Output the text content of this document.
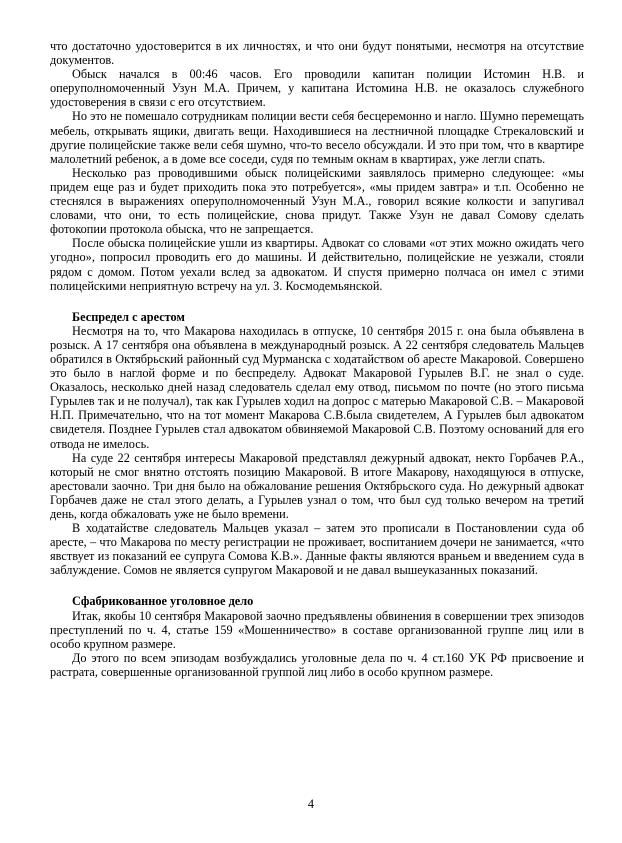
что достаточно удостоверится в их личностях, и что они будут понятыми, несмотря на отсутствие документов.

Обыск начался в 00:46 часов. Его проводили капитан полиции Истомин Н.В. и оперуполномоченный Узун М.А. Причем, у капитана Истомина Н.В. не оказалось служебного удостоверения в связи с его отсутствием.

Но это не помешало сотрудникам полиции вести себя бесцеремонно и нагло. Шумно перемещать мебель, открывать ящики, двигать вещи. Находившиеся на лестничной площадке Стрекаловский и другие полицейские также вели себя шумно, что-то весело обсуждали. И это при том, что в квартире малолетний ребенок, а в доме все соседи, судя по темным окнам в квартирах, уже легли спать.

Несколько раз проводившими обыск полицейскими заявлялось примерно следующее: «мы придем еще раз и будет приходить пока это потребуется», «мы придем завтра» и т.п. Особенно не стеснялся в выражениях оперуполномоченный Узун М.А., говорил всякие колкости и запугивал словами, что они, то есть полицейские, снова придут. Также Узун не давал Сомову сделать фотокопии протокола обыска, что не запрещается.

После обыска полицейские ушли из квартиры. Адвокат со словами «от этих можно ожидать чего угодно», попросил проводить его до машины. И действительно, полицейские не уезжали, стояли рядом с домом. Потом уехали вслед за адвокатом. И спустя примерно полчаса он имел с этими полицейскими неприятную встречу на ул. З. Космодемьянской.

Беспредел с арестом

Несмотря на то, что Макарова находилась в отпуске, 10 сентября 2015 г. она была объявлена в розыск. А 17 сентября она объявлена в международный розыск. А 22 сентября следователь Мальцев обратился в Октябрьский районный суд Мурманска с ходатайством об аресте Макаровой. Совершено это было в наглой форме и по беспределу. Адвокат Макаровой Гурылев В.Г. не знал о суде. Оказалось, несколько дней назад следователь сделал ему отвод, письмом по почте (но этого письма Гурылев так и не получал), так как Гурылев ходил на допрос с матерью Макаровой С.В. – Макаровой Н.П. Примечательно, что на тот момент Макарова С.В.была свидетелем, А Гурылев был адвокатом свидетеля. Позднее Гурылев стал адвокатом обвиняемой Макаровой С.В. Поэтому оснований для его отвода не имелось.

На суде 22 сентября интересы Макаровой представлял дежурный адвокат, некто Горбачев Р.А., который не смог внятно отстоять позицию Макаровой. В итоге Макарову, находящуюся в отпуске, арестовали заочно. Три дня было на обжалование решения Октябрьского суда. Но дежурный адвокат Горбачев даже не стал этого делать, а Гурылев узнал о том, что был суд только вечером на третий день, когда обжаловать уже не было времени.

В ходатайстве следователь Мальцев указал – затем это прописали в Постановлении суда об аресте, – что Макарова по месту регистрации не проживает, воспитанием дочери не занимается, «что явствует из показаний ее супруга Сомова К.В.». Данные факты являются враньем и введением суда в заблуждение. Сомов не является супругом Макаровой и не давал вышеуказанных показаний.

Сфабрикованное уголовное дело

Итак, якобы 10 сентября Макаровой заочно предъявлены обвинения в совершении трех эпизодов преступлений по ч. 4, статье 159 «Мошенничество» в составе организованной группе лиц или в особо крупном размере.

До этого по всем эпизодам возбуждались уголовные дела по ч. 4 ст.160 УК РФ присвоение и растрата, совершенные организованной группой лиц либо в особо крупном размере.

4
